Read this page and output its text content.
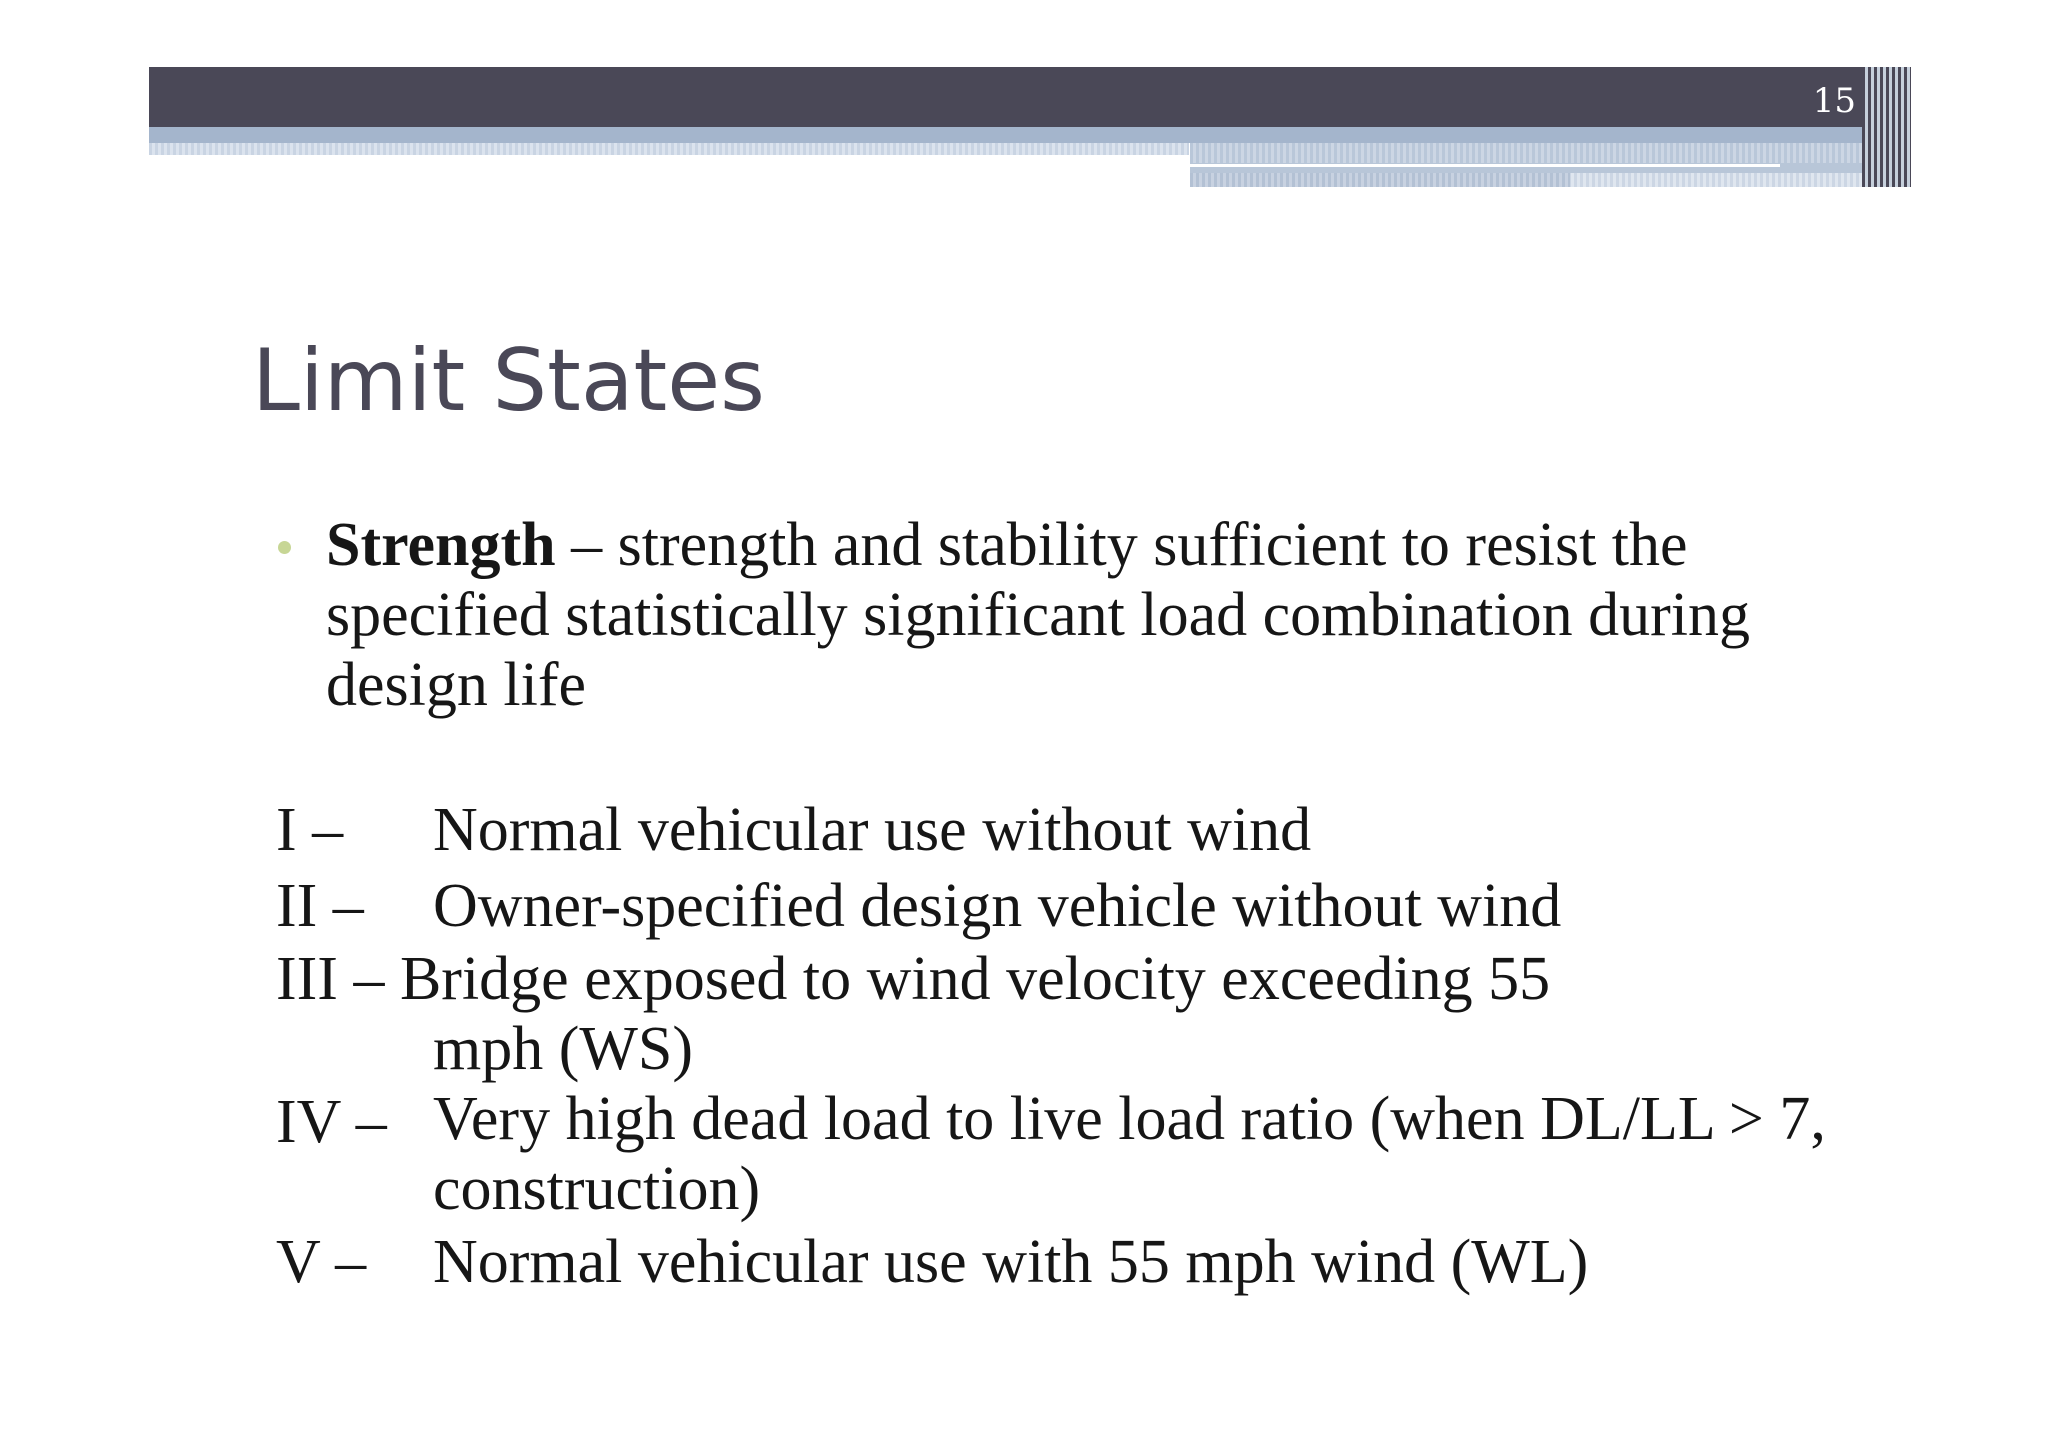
15
Limit States
Strength – strength and stability sufficient to resist the specified statistically significant load combination during design life
I –	Normal vehicular use without wind
II –	Owner-specified design vehicle without wind
III – Bridge exposed to wind velocity exceeding 55
mph (WS)
IV – Very high dead load to live load ratio (when DL/LL > 7, construction)
V –	Normal vehicular use with 55 mph wind (WL)
